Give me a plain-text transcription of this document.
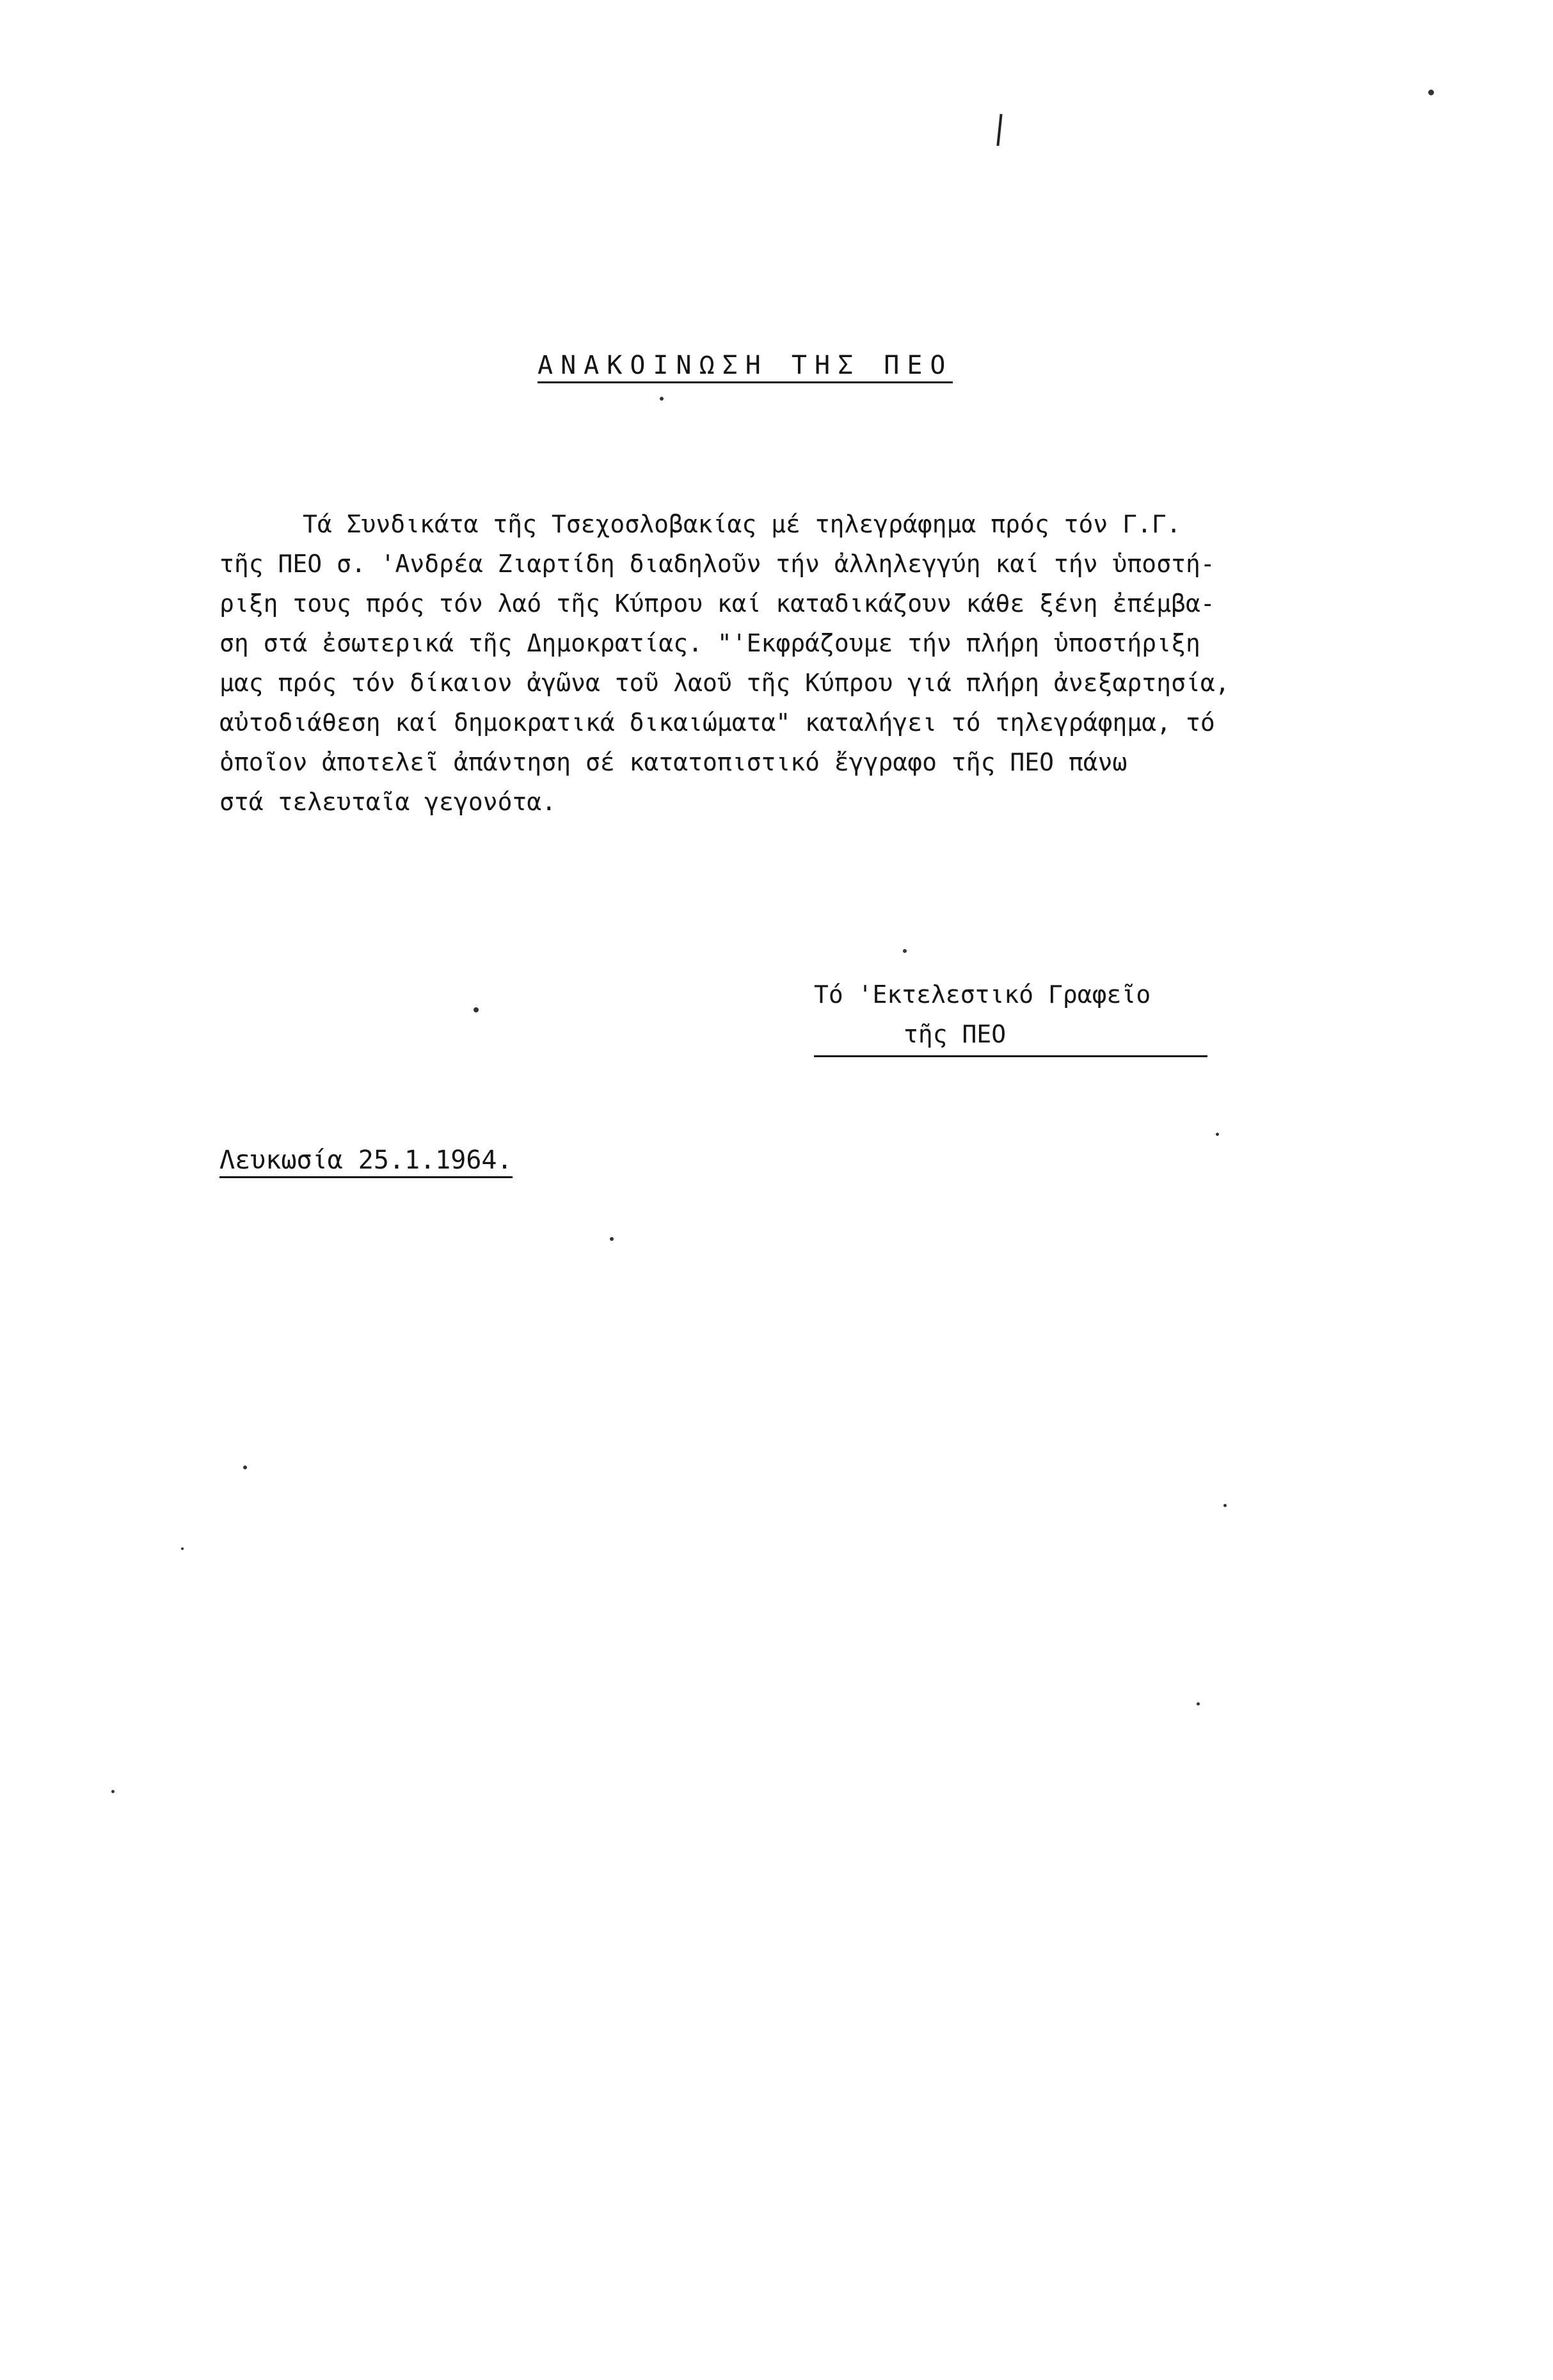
ΑΝΑΚΟΙΝΩΣΗ ΤΗΣ ΠΕΟ
Τά Συνδικάτα τῆς Τσεχοσλοβακίας μέ τηλεγράφημα πρός τόν Γ.Γ.
τῆς ΠΕΟ σ. 'Ανδρέα Ζιαρτίδη διαδηλοῦν τήν ἀλληλεγγύη καί τήν ὑποστή-
ριξη τους πρός τόν λαό τῆς Κύπρου καί καταδικάζουν κάθε ξένη ἐπέμβα-
ση στά ἐσωτερικά τῆς Δημοκρατίας. "'Εκφράζουμε τήν πλήρη ὑποστήριξη
μας πρός τόν δίκαιον ἀγῶνα τοῦ λαοῦ τῆς Κύπρου γιά πλήρη ἀνεξαρτησία,
αὐτοδιάθεση καί δημοκρατικά δικαιώματα" καταλήγει τό τηλεγράφημα, τό
ὁποῖον ἀποτελεῖ ἀπάντηση σέ κατατοπιστικό ἔγγραφο τῆς ΠΕΟ πάνω
στά τελευταῖα γεγονότα.
Τό 'Εκτελεστικό Γραφεῖο
τῆς ΠΕΟ
Λευκωσία 25.1.1964.
